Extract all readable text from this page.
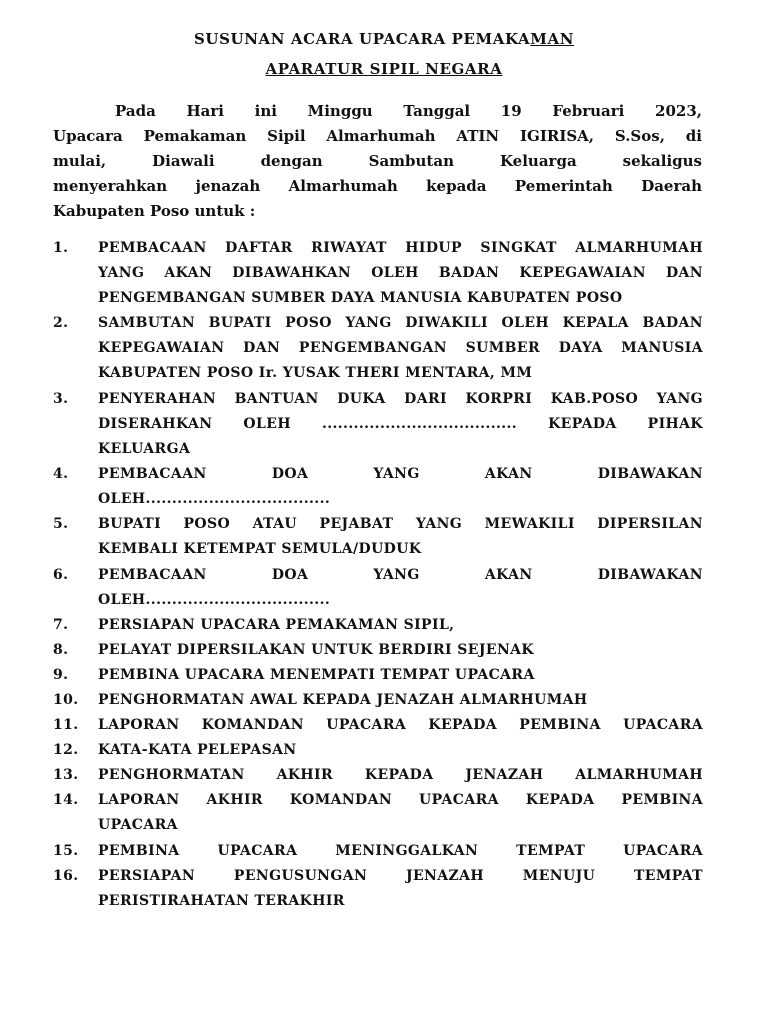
SUSUNAN ACARA UPACARA PEMAKAMAN
APARATUR SIPIL NEGARA
Pada Hari ini Minggu Tanggal 19 Februari 2023,
Upacara Pemakaman Sipil Almarhumah ATIN IGIRISA, S.Sos, di
mulai, Diawali dengan Sambutan Keluarga sekaligus
menyerahkan jenazah Almarhumah kepada Pemerintah Daerah
Kabupaten Poso untuk :
1. PEMBACAAN DAFTAR RIWAYAT HIDUP SINGKAT ALMARHUMAH
YANG AKAN DIBAWAHKAN OLEH BADAN KEPEGAWAIAN DAN
PENGEMBANGAN SUMBER DAYA MANUSIA KABUPATEN POSO
2. SAMBUTAN BUPATI POSO YANG DIWAKILI OLEH KEPALA BADAN
KEPEGAWAIAN DAN PENGEMBANGAN SUMBER DAYA MANUSIA
KABUPATEN POSO Ir. YUSAK THERI MENTARA, MM
3. PENYERAHAN BANTUAN DUKA DARI KORPRI KAB.POSO YANG
DISERAHKAN OLEH ..................................... KEPADA PIHAK
KELUARGA
4. PEMBACAAN DOA YANG AKAN DIBAWAKAN
OLEH...................................
5. BUPATI POSO ATAU PEJABAT YANG MEWAKILI DIPERSILAN
KEMBALI KETEMPAT SEMULA/DUDUK
6. PEMBACAAN DOA YANG AKAN DIBAWAKAN
OLEH...................................
7. PERSIAPAN UPACARA PEMAKAMAN SIPIL,
8. PELAYAT DIPERSILAKAN UNTUK BERDIRI SEJENAK
9. PEMBINA UPACARA MENEMPATI TEMPAT UPACARA
10. PENGHORMATAN AWAL KEPADA JENAZAH ALMARHUMAH
11. LAPORAN KOMANDAN UPACARA KEPADA PEMBINA UPACARA
12. KATA-KATA PELEPASAN
13. PENGHORMATAN AKHIR KEPADA JENAZAH ALMARHUMAH
14. LAPORAN AKHIR KOMANDAN UPACARA KEPADA PEMBINA
UPACARA
15. PEMBINA UPACARA MENINGGALKAN TEMPAT UPACARA
16. PERSIAPAN PENGUSUNGAN JENAZAH MENUJU TEMPAT
PERISTIRAHATAN TERAKHIR
